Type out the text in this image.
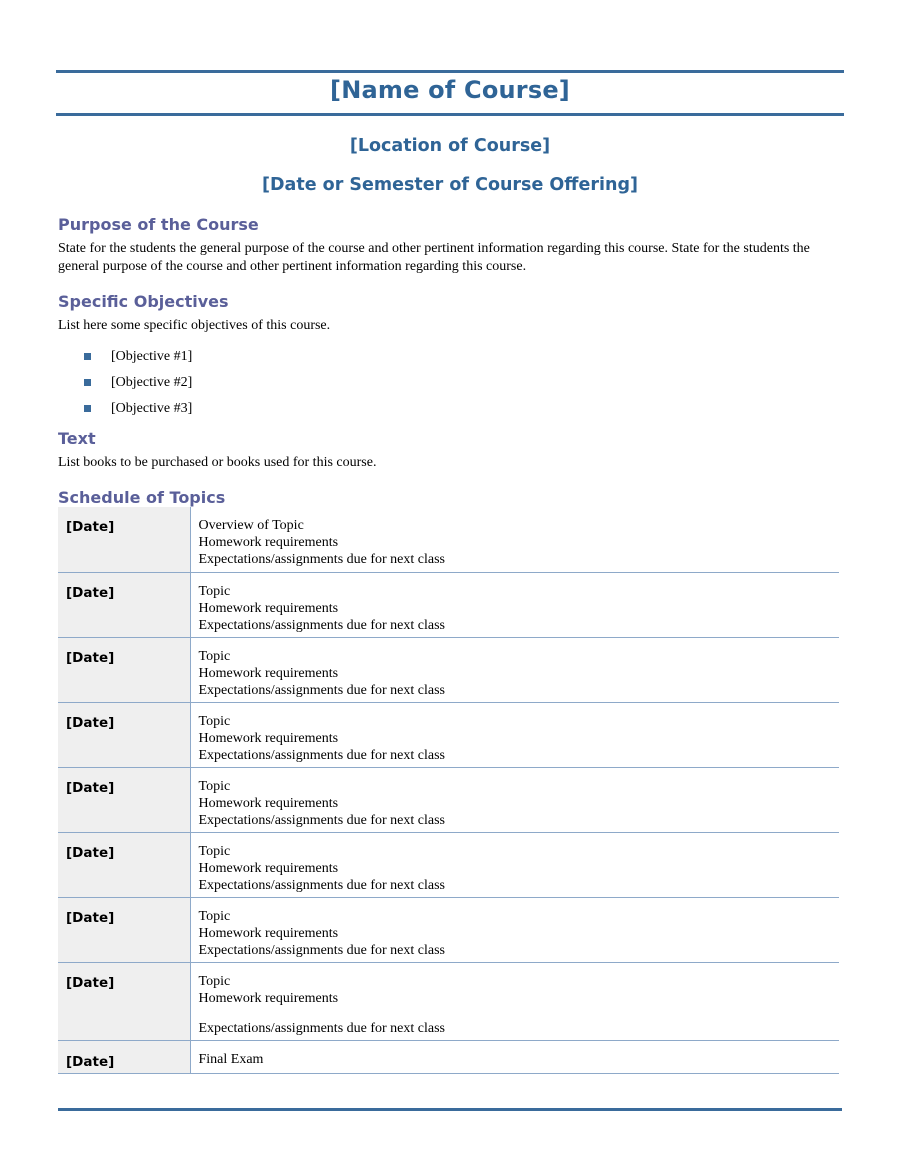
[Name of Course]
[Location of Course]
[Date or Semester of Course Offering]
Purpose of the Course
State for the students the general purpose of the course and other pertinent information regarding this course. State for the students the general purpose of the course and other pertinent information regarding this course.
Specific Objectives
List here some specific objectives of this course.
[Objective #1]
[Objective #2]
[Objective #3]
Text
List books to be purchased or books used for this course.
Schedule of Topics
[Date]	Overview of Topic
Homework requirements
Expectations/assignments due for next class

[Date]	Topic
Homework requirements
Expectations/assignments due for next class

[Date]	Topic
Homework requirements
Expectations/assignments due for next class

[Date]	Topic
Homework requirements
Expectations/assignments due for next class

[Date]	Topic
Homework requirements
Expectations/assignments due for next class

[Date]	Topic
Homework requirements
Expectations/assignments due for next class

[Date]	Topic
Homework requirements
Expectations/assignments due for next class

[Date]	Topic
Homework requirements
Expectations/assignments due for next class

[Date]	Final Exam
